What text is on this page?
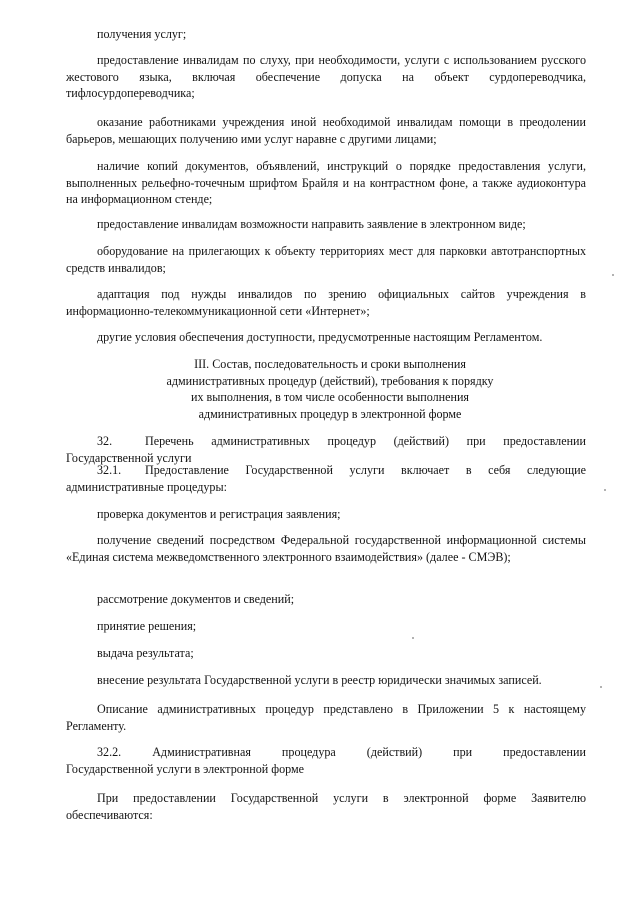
получения услуг;

предоставление инвалидам по слуху, при необходимости, услуги с использованием русского жестового языка, включая обеспечение допуска на объект сурдопереводчика, тифлосурдопереводчика;

оказание работниками учреждения иной необходимой инвалидам помощи в преодолении барьеров, мешающих получению ими услуг наравне с другими лицами;

наличие копий документов, объявлений, инструкций о порядке предоставления услуги, выполненных рельефно-точечным шрифтом Брайля и на контрастном фоне, а также аудиоконтура на информационном стенде;

предоставление инвалидам возможности направить заявление в электронном виде;

оборудование на прилегающих к объекту территориях мест для парковки автотранспортных средств инвалидов;

адаптация под нужды инвалидов по зрению официальных сайтов учреждения в информационно-телекоммуникационной сети «Интернет»;

другие условия обеспечения доступности, предусмотренные настоящим Регламентом.

III. Состав, последовательность и сроки выполнения
административных процедур (действий), требования к порядку
их выполнения, в том числе особенности выполнения
административных процедур в электронной форме

32.	Перечень административных процедур (действий) при предоставлении Государственной услуги

32.1. Предоставление Государственной услуги включает в себя следующие административные процедуры:

проверка документов и регистрация заявления;

получение сведений посредством Федеральной государственной информационной системы «Единая система межведомственного электронного взаимодействия» (далее - СМЭВ);

рассмотрение документов и сведений;

принятие решения;

выдача результата;

внесение результата Государственной услуги в реестр юридически значимых записей.

Описание административных процедур представлено в Приложении 5 к настоящему Регламенту.

32.2.	Административная	процедура	(действий)	при	предоставлении
Государственной услуги в электронной форме

При предоставлении Государственной услуги в электронной форме Заявителю обеспечиваются:
